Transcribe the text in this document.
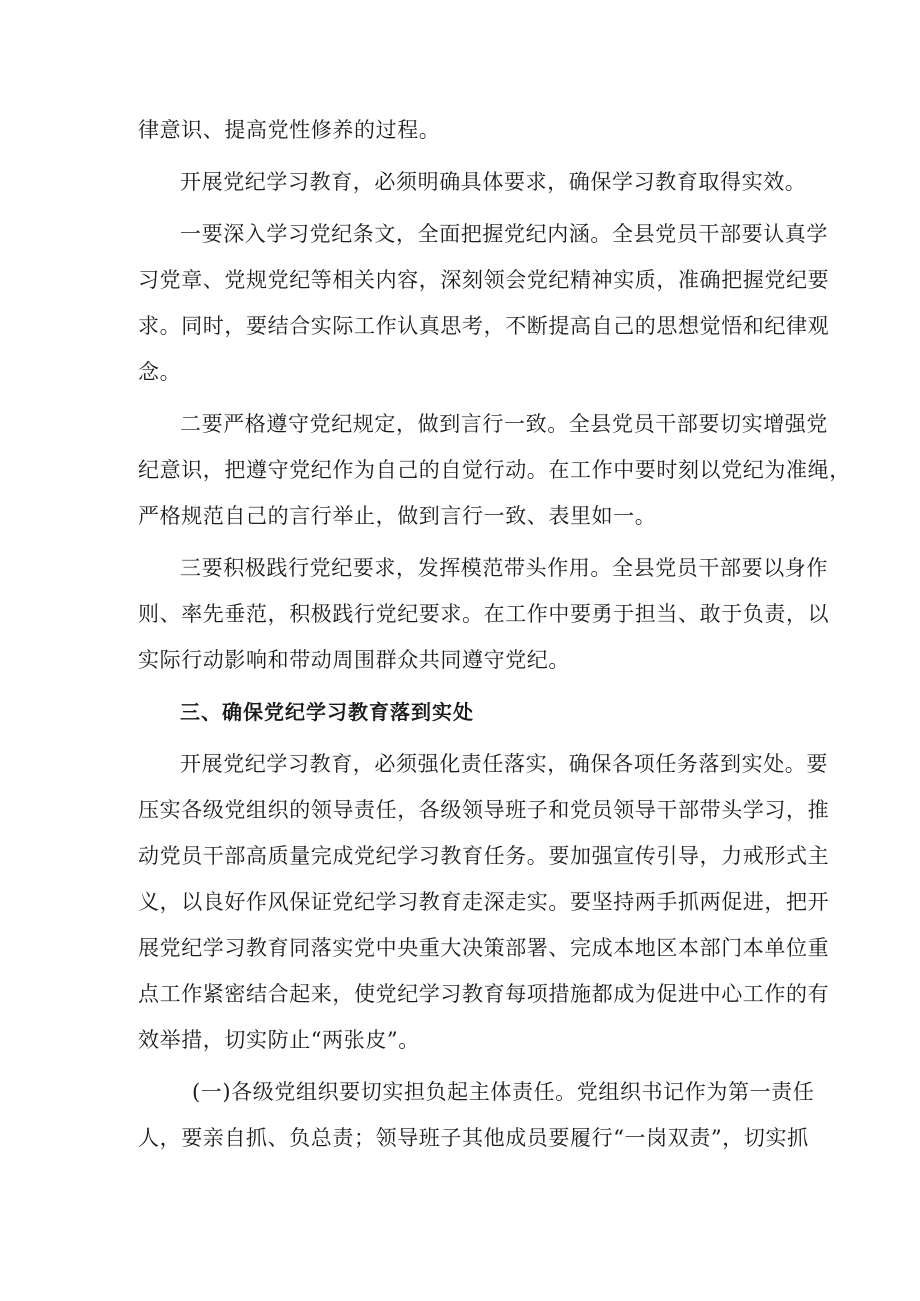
律意识、提高党性修养的过程。
开展党纪学习教育，必须明确具体要求，确保学习教育取得实效。
一要深入学习党纪条文，全面把握党纪内涵。全县党员干部要认真学
习党章、党规党纪等相关内容，深刻领会党纪精神实质，准确把握党纪要
求。同时，要结合实际工作认真思考，不断提高自己的思想觉悟和纪律观
念。
二要严格遵守党纪规定，做到言行一致。全县党员干部要切实增强党
纪意识，把遵守党纪作为自己的自觉行动。在工作中要时刻以党纪为准绳，
严格规范自己的言行举止，做到言行一致、表里如一。
三要积极践行党纪要求，发挥模范带头作用。全县党员干部要以身作
则、率先垂范，积极践行党纪要求。在工作中要勇于担当、敢于负责，以
实际行动影响和带动周围群众共同遵守党纪。
三、确保党纪学习教育落到实处
开展党纪学习教育，必须强化责任落实，确保各项任务落到实处。要
压实各级党组织的领导责任，各级领导班子和党员领导干部带头学习，推
动党员干部高质量完成党纪学习教育任务。要加强宣传引导，力戒形式主
义，以良好作风保证党纪学习教育走深走实。要坚持两手抓两促进，把开
展党纪学习教育同落实党中央重大决策部署、完成本地区本部门本单位重
点工作紧密结合起来，使党纪学习教育每项措施都成为促进中心工作的有
效举措，切实防止“两张皮”。
(一)各级党组织要切实担负起主体责任。党组织书记作为第一责任
人，要亲自抓、负总责；领导班子其他成员要履行“一岗双责”，切实抓
